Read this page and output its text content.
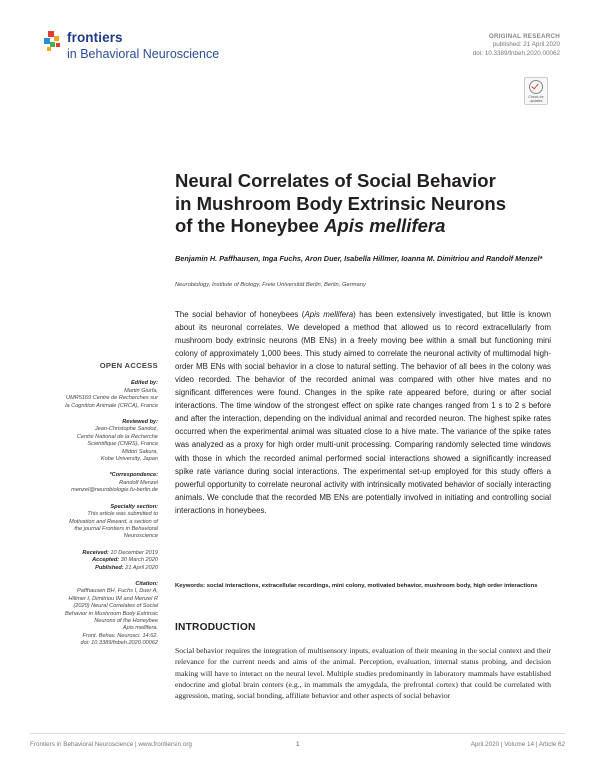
frontiers
in Behavioral Neuroscience
ORIGINAL RESEARCH
published: 21 April 2020
doi: 10.3389/fnbeh.2020.00062
Check for
updates
Neural Correlates of Social Behavior
in Mushroom Body Extrinsic Neurons
of the Honeybee Apis mellifera
Benjamin H. Paffhausen, Inga Fuchs, Aron Duer, Isabella Hillmer, Ioanna M. Dimitriou and Randolf Menzel*
Neurobiology, Institute of Biology, Freie Universität Berlin, Berlin, Germany
The social behavior of honeybees (Apis mellifera) has been extensively investigated, but little is known about its neuronal correlates. We developed a method that allowed us to record extracellularly from mushroom body extrinsic neurons (MB ENs) in a freely moving bee within a small but functioning mini colony of approximately 1,000 bees. This study aimed to correlate the neuronal activity of multimodal high-order MB ENs with social behavior in a close to natural setting. The behavior of all bees in the colony was video recorded. The behavior of the recorded animal was compared with other hive mates and no significant differences were found. Changes in the spike rate appeared before, during or after social interactions. The time window of the strongest effect on spike rate changes ranged from 1 s to 2 s before and after the interaction, depending on the individual animal and recorded neuron. The highest spike rates occurred when the experimental animal was situated close to a hive mate. The variance of the spike rates was analyzed as a proxy for high order multi-unit processing. Comparing randomly selected time windows with those in which the recorded animal performed social interactions showed a significantly increased spike rate variance during social interactions. The experimental set-up employed for this study offers a powerful opportunity to correlate neuronal activity with intrinsically motivated behavior of socially interacting animals. We conclude that the recorded MB ENs are potentially involved in initiating and controlling social interactions in honeybees.
Keywords: social interactions, extracellular recordings, mini colony, motivated behavior, mushroom body, high order interactions
OPEN ACCESS
Edited by:
Martin Giurfa,
UMR5169 Centre de Recherches sur
la Cognition Animale (CRCA), France
Reviewed by:
Jean-Christophe Sandoz,
Centre National de la Recherche
Scientifique (CNRS), France
Midori Sakura,
Kobe University, Japan
*Correspondence:
Randolf Menzel
menzel@neurobiologie.fu-berlin.de
Specialty section:
This article was submitted to
Motivation and Reward, a section of
the journal Frontiers in Behavioral
Neuroscience
Received: 10 December 2019
Accepted: 30 March 2020
Published: 21 April 2020
Citation:
Paffhausen BH, Fuchs I, Duer A,
Hillmer I, Dimitriou IM and Menzel R
(2020) Neural Correlates of Social
Behavior in Mushroom Body Extrinsic
Neurons of the Honeybee
Apis mellifera.
Front. Behav. Neurosci. 14:62.
doi: 10.3389/fnbeh.2020.00062
INTRODUCTION
Social behavior requires the integration of multisensory inputs, evaluation of their meaning in the social context and their relevance for the current needs and aims of the animal. Perception, evaluation, internal status probing, and decision making will have to interact on the neural level. Multiple studies predominantly in laboratory mammals have established endocrine and global brain centers (e.g., in mammals the amygdala, the prefrontal cortex) that could be correlated with aggression, mating, social bonding, affiliate behavior and other aspects of social behavior
Frontiers in Behavioral Neuroscience | www.frontiersin.org	1	April 2020 | Volume 14 | Article 62
